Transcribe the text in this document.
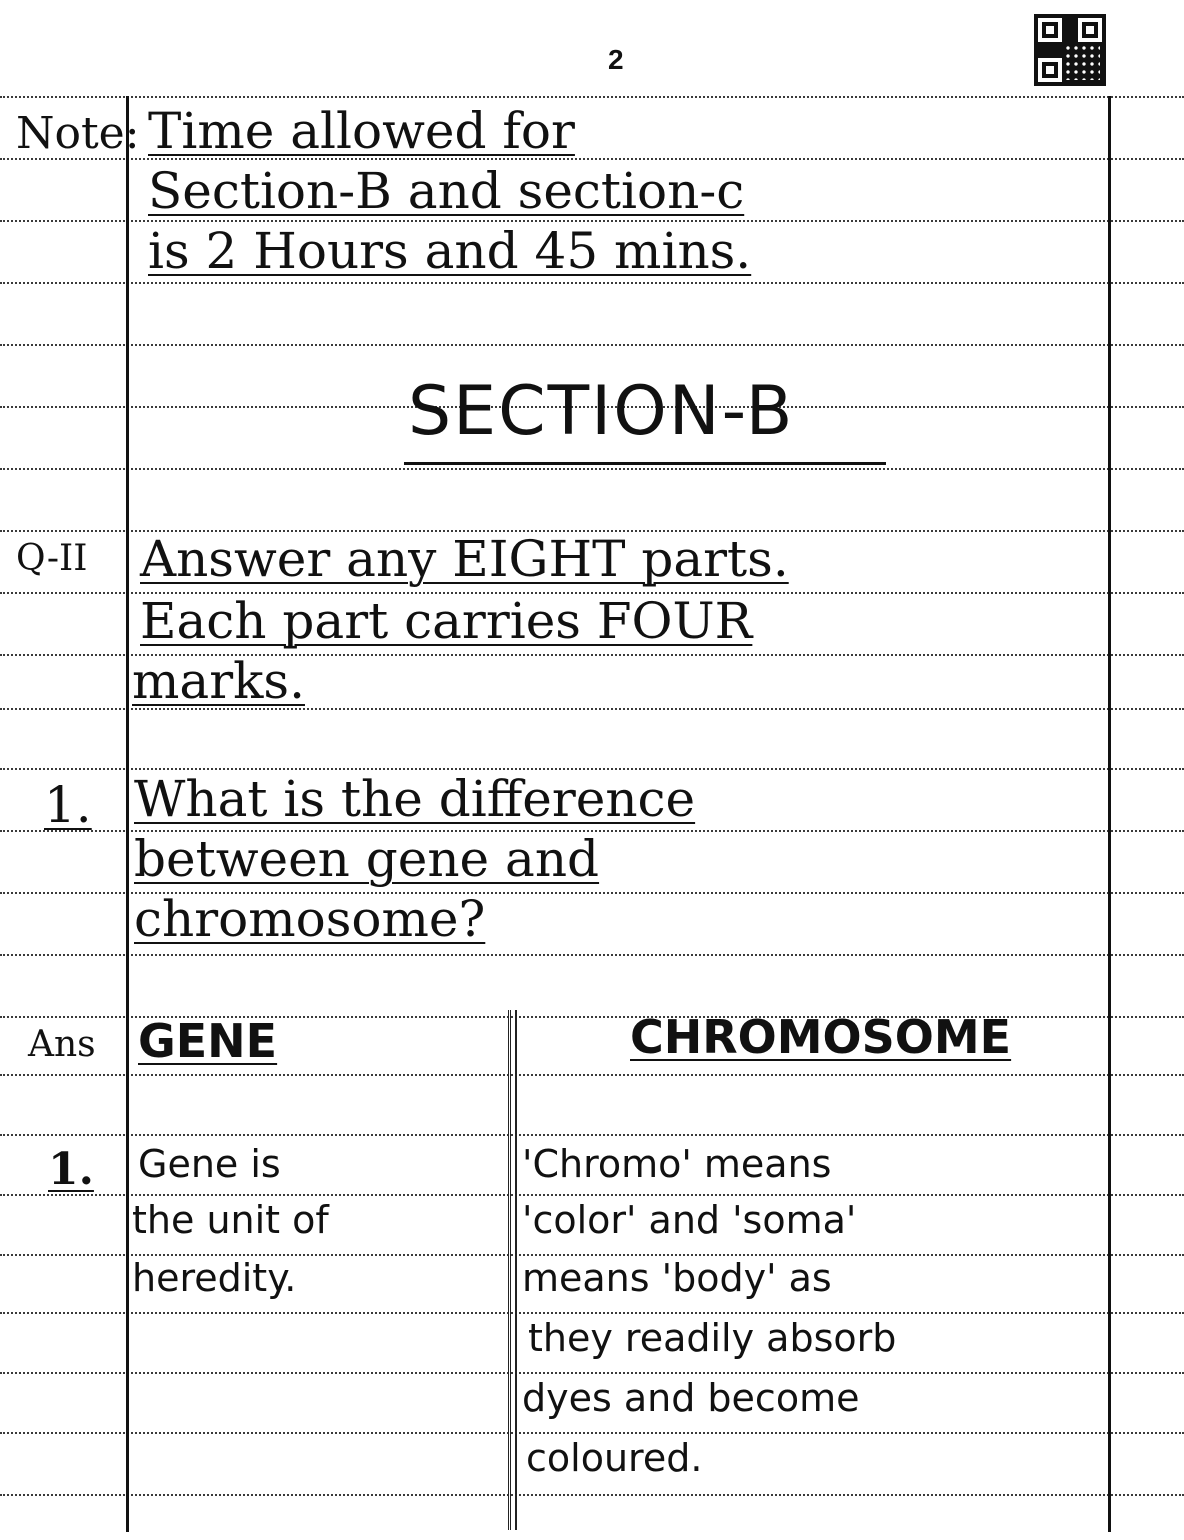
2
Note: Time allowed for
Section-B and section-c
is 2 Hours and 45 mins.
SECTION-B
Q-II Answer any EIGHT parts.
Each part carries FOUR
marks.
1. What is the difference
between gene and
chromosome?
Ans GENE	CHROMOSOME
1. Gene is
the unit of
heredity.
'Chromo' means
'color' and 'soma'
means 'body' as
they readily absorb
dyes and become
coloured.
